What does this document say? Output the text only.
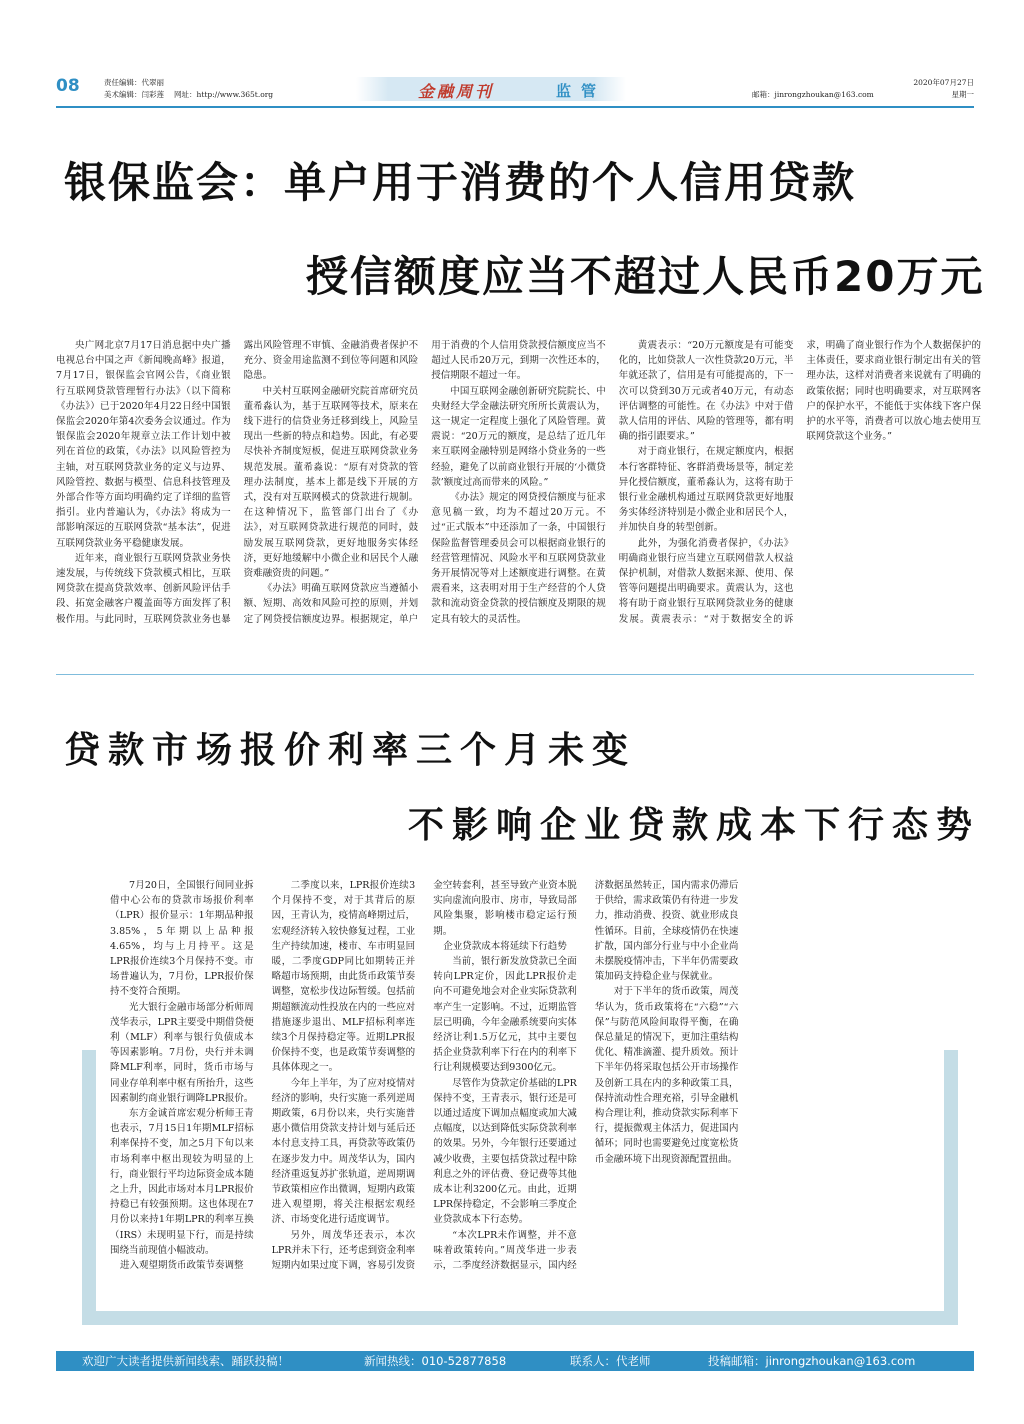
08	责任编辑：代翠丽
美术编辑：闫彩莲 网址：http://www.365t.org	金融周刊	监管	邮箱：jinrongzhoukan@163.com
2020年07月27日
星期一
银保监会：单户用于消费的个人信用贷款
授信额度应当不超过人民币20万元

央广网北京7月17日消息据中央广播电视总台中国之声《新闻晚高峰》报道，7月17日，银保监会官网公告，《商业银行互联网贷款管理暂行办法》（以下简称《办法》）已于2020年4月22日经中国银保监会2020年第4次委务会议通过。作为银保监会2020年规章立法工作计划中被列在首位的政策，《办法》以风险管控为主轴，对互联网贷款业务的定义与边界、风险管控、数据与模型、信息科技管理及外部合作等方面均明确约定了详细的监管指引。业内普遍认为，《办法》将成为一部影响深远的互联网贷款“基本法”，促进互联网贷款业务平稳健康发展。

近年来，商业银行互联网贷款业务快速发展，与传统线下贷款模式相比，互联网贷款在提高贷款效率、创新风险评估手段、拓宽金融客户覆盖面等方面发挥了积极作用。与此同时，互联网贷款业务也暴露出风险管理不审慎、金融消费者保护不充分、资金用途监测不到位等问题和风险隐患。

中关村互联网金融研究院首席研究员董希淼认为，基于互联网等技术，原来在线下进行的信贷业务迁移到线上，风险呈现出一些新的特点和趋势。因此，有必要尽快补齐制度短板，促进互联网贷款业务规范发展。董希淼说：“原有对贷款的管理办法制度，基本上都是线下开展的方式，没有对互联网模式的贷款进行规制。在这种情况下，监管部门出台了《办法》，对互联网贷款进行规范的同时，鼓励发展互联网贷款，更好地服务实体经济，更好地缓解中小微企业和居民个人融资难融资贵的问题。”

《办法》明确互联网贷款应当遵循小额、短期、高效和风险可控的原则，并划定了网贷授信额度边界。根据规定，单户用于消费的个人信用贷款授信额度应当不超过人民币20万元，到期一次性还本的，授信期限不超过一年。

中国互联网金融创新研究院院长、中央财经大学金融法研究所所长黄震认为，这一规定一定程度上强化了风险管理。黄震说：“20万元的额度，是总结了近几年来互联网金融特别是网络小贷业务的一些经验，避免了以前商业银行开展的‘小微贷款’额度过高而带来的风险。”

《办法》规定的网贷授信额度与征求意见稿一致，均为不超过20万元。不过“正式版本”中还添加了一条，中国银行保险监督管理委员会可以根据商业银行的经营管理情况、风险水平和互联网贷款业务开展情况等对上述额度进行调整。在黄震看来，这表明对用于生产经营的个人贷款和流动资金贷款的授信额度及期限的规定具有较大的灵活性。

黄震表示：“20万元额度是有可能变化的，比如贷款人一次性贷款20万元，半年就还款了，信用是有可能提高的，下一次可以贷到30万元或者40万元，有动态评估调整的可能性。在《办法》中对于借款人信用的评估、风险的管理等，都有明确的指引跟要求。”

对于商业银行，在规定额度内，根据本行客群特征、客群消费场景等，制定差异化授信额度，董希淼认为，这将有助于银行业金融机构通过互联网贷款更好地服务实体经济特别是小微企业和居民个人，并加快自身的转型创新。

此外，为强化消费者保护，《办法》明确商业银行应当建立互联网借款人权益保护机制，对借款人数据来源、使用、保管等问题提出明确要求。黄震认为，这也将有助于商业银行互联网贷款业务的健康发展。黄震表示：“对于数据安全的诉求，明确了商业银行作为个人数据保护的主体责任，要求商业银行制定出有关的管理办法，这样对消费者来说就有了明确的政策依据；同时也明确要求，对互联网客户的保护水平，不能低于实体线下客户保护的水平等，消费者可以放心地去使用互联网贷款这个业务。”

贷款市场报价利率三个月未变
不影响企业贷款成本下行态势

7月20日，全国银行间同业拆借中心公布的贷款市场报价利率（LPR）报价显示：1年期品种报3.85%，5年期以上品种报4.65%，均与上月持平。这是LPR报价连续3个月保持不变。市场普遍认为，7月份，LPR报价保持不变符合预期。

光大银行金融市场部分析师周茂华表示，LPR主要受中期借贷便利（MLF）利率与银行负债成本等因素影响。7月份，央行并未调降MLF利率，同时，货币市场与同业存单利率中枢有所抬升，这些因素制约商业银行调降LPR报价。

东方金诚首席宏观分析师王青也表示，7月15日1年期MLF招标利率保持不变，加之5月下旬以来市场利率中枢出现较为明显的上行，商业银行平均边际资金成本随之上升，因此市场对本月LPR报价持稳已有较强预期。这也体现在7月份以来持1年期LPR的利率互换（IRS）未现明显下行，而是持续围绕当前现值小幅波动。

进入观望期货币政策节奏调整

二季度以来，LPR报价连续3个月保持不变，对于其背后的原因，王青认为，疫情高峰期过后，宏观经济转入较快修复过程，工业生产持续加速，楼市、车市明显回暖，二季度GDP同比如期转正并略超市场预期，由此货币政策节奏调整，宽松步伐边际暂缓。包括前期超额流动性投放在内的一些应对措施逐步退出、MLF招标利率连续3个月保持稳定等。近期LPR报价保持不变，也是政策节奏调整的具体体现之一。

今年上半年，为了应对疫情对经济的影响，央行实施一系列逆周期政策，6月份以来，央行实施普惠小微信用贷款支持计划与延后还本付息支持工具，再贷款等政策仍在逐步发力中。周茂华认为，国内经济重返复苏扩张轨道，逆周期调节政策相应作出微调，短期内政策进入观望期，将关注根据宏观经济、市场变化进行适度调节。

另外，周茂华还表示，本次LPR并未下行，还考虑到资金利率短期内如果过度下调，容易引发资金空转套利，甚至导致产业资本脱实向虚流向股市、房市，导致局部风险集聚，影响楼市稳定运行预期。

企业贷款成本将延续下行趋势

当前，银行新发放贷款已全面转向LPR定价，因此LPR报价走向不可避免地会对企业实际贷款利率产生一定影响。不过，近期监管层已明确，今年金融系统要向实体经济让利1.5万亿元，其中主要包括企业贷款利率下行在内的利率下行让利规模要达到9300亿元。

尽管作为贷款定价基础的LPR保持不变，王青表示，银行还是可以通过适度下调加点幅度或加大减点幅度，以达到降低实际贷款利率的效果。另外，今年银行还要通过减少收费，主要包括贷款过程中除利息之外的评估费、登记费等其他成本让利3200亿元。由此，近期LPR保持稳定，不会影响三季度企业贷款成本下行态势。

“本次LPR未作调整，并不意味着政策转向。”周茂华进一步表示，二季度经济数据显示，国内经济数据虽然转正，国内需求仍滞后于供给，需求政策仍有待进一步发力，推动消费、投资、就业形成良性循环。目前，全球疫情仍在快速扩散，国内部分行业与中小企业尚未摆脱疫情冲击，下半年仍需要政策加码支持稳企业与保就业。

对于下半年的货币政策，周茂华认为，货币政策将在“六稳”“六保”与防范风险间取得平衡，在确保总量足的情况下，更加注重结构优化、精准滴灌、提升质效。预计下半年仍将采取包括公开市场操作及创新工具在内的多种政策工具，保持流动性合理充裕，引导金融机构合理让利，推动贷款实际利率下行，提振微观主体活力，促进国内循环；同时也需要避免过度宽松货币金融环境下出现资源配置扭曲。

欢迎广大读者提供新闻线索、踊跃投稿！	新闻热线：010-52877858	联系人：代老师	投稿邮箱：jinrongzhoukan@163.com
